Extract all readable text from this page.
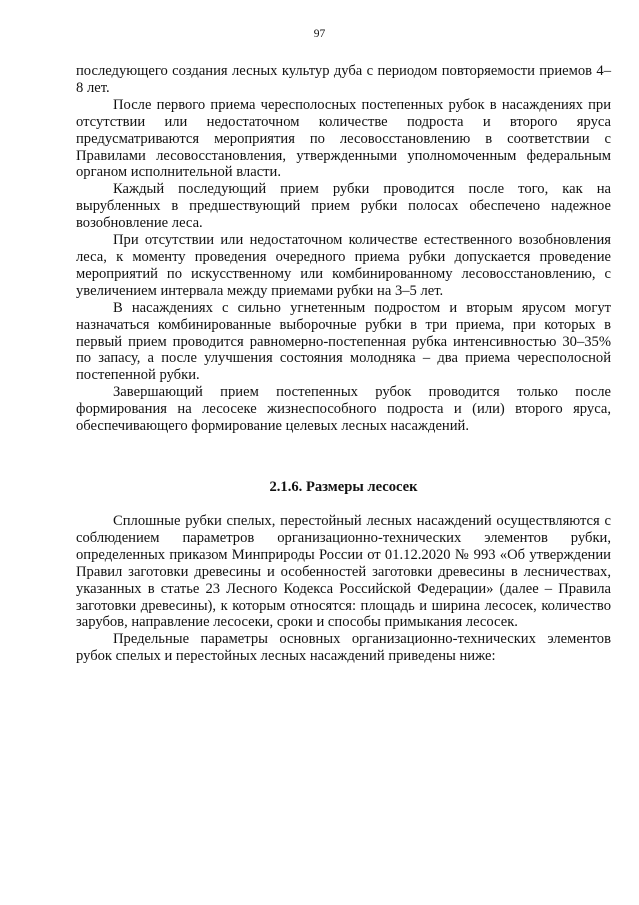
97

последующего создания лесных культур дуба с периодом повторяемости приемов 4–8 лет.

После первого приема чересполосных постепенных рубок в насаждениях при отсутствии или недостаточном количестве подроста и второго яруса предусматриваются мероприятия по лесовосстановлению в соответствии с Правилами лесовосстановления, утвержденными уполномоченным федеральным органом исполнительной власти.

Каждый последующий прием рубки проводится после того, как на вырубленных в предшествующий прием рубки полосах обеспечено надежное возобновление леса.

При отсутствии или недостаточном количестве естественного возобновления леса, к моменту проведения очередного приема рубки допускается проведение мероприятий по искусственному или комбинированному лесовосстановлению, с увеличением интервала между приемами рубки на 3–5 лет.

В насаждениях с сильно угнетенным подростом и вторым ярусом могут назначаться комбинированные выборочные рубки в три приема, при которых в первый прием проводится равномерно-постепенная рубка интенсивностью 30–35% по запасу, а после улучшения состояния молодняка – два приема чересполосной постепенной рубки.

Завершающий прием постепенных рубок проводится только после формирования на лесосеке жизнеспособного подроста и (или) второго яруса, обеспечивающего формирование целевых лесных насаждений.

2.1.6. Размеры лесосек

Сплошные рубки спелых, перестойный лесных насаждений осуществляются с соблюдением параметров организационно-технических элементов рубки, определенных приказом Минприроды России от 01.12.2020 № 993 «Об утверждении Правил заготовки древесины и особенностей заготовки древесины в лесничествах, указанных в статье 23 Лесного Кодекса Российской Федерации» (далее – Правила заготовки древесины), к которым относятся: площадь и ширина лесосек, количество зарубов, направление лесосеки, сроки и способы примыкания лесосек.

Предельные параметры основных организационно-технических элементов рубок спелых и перестойных лесных насаждений приведены ниже:
